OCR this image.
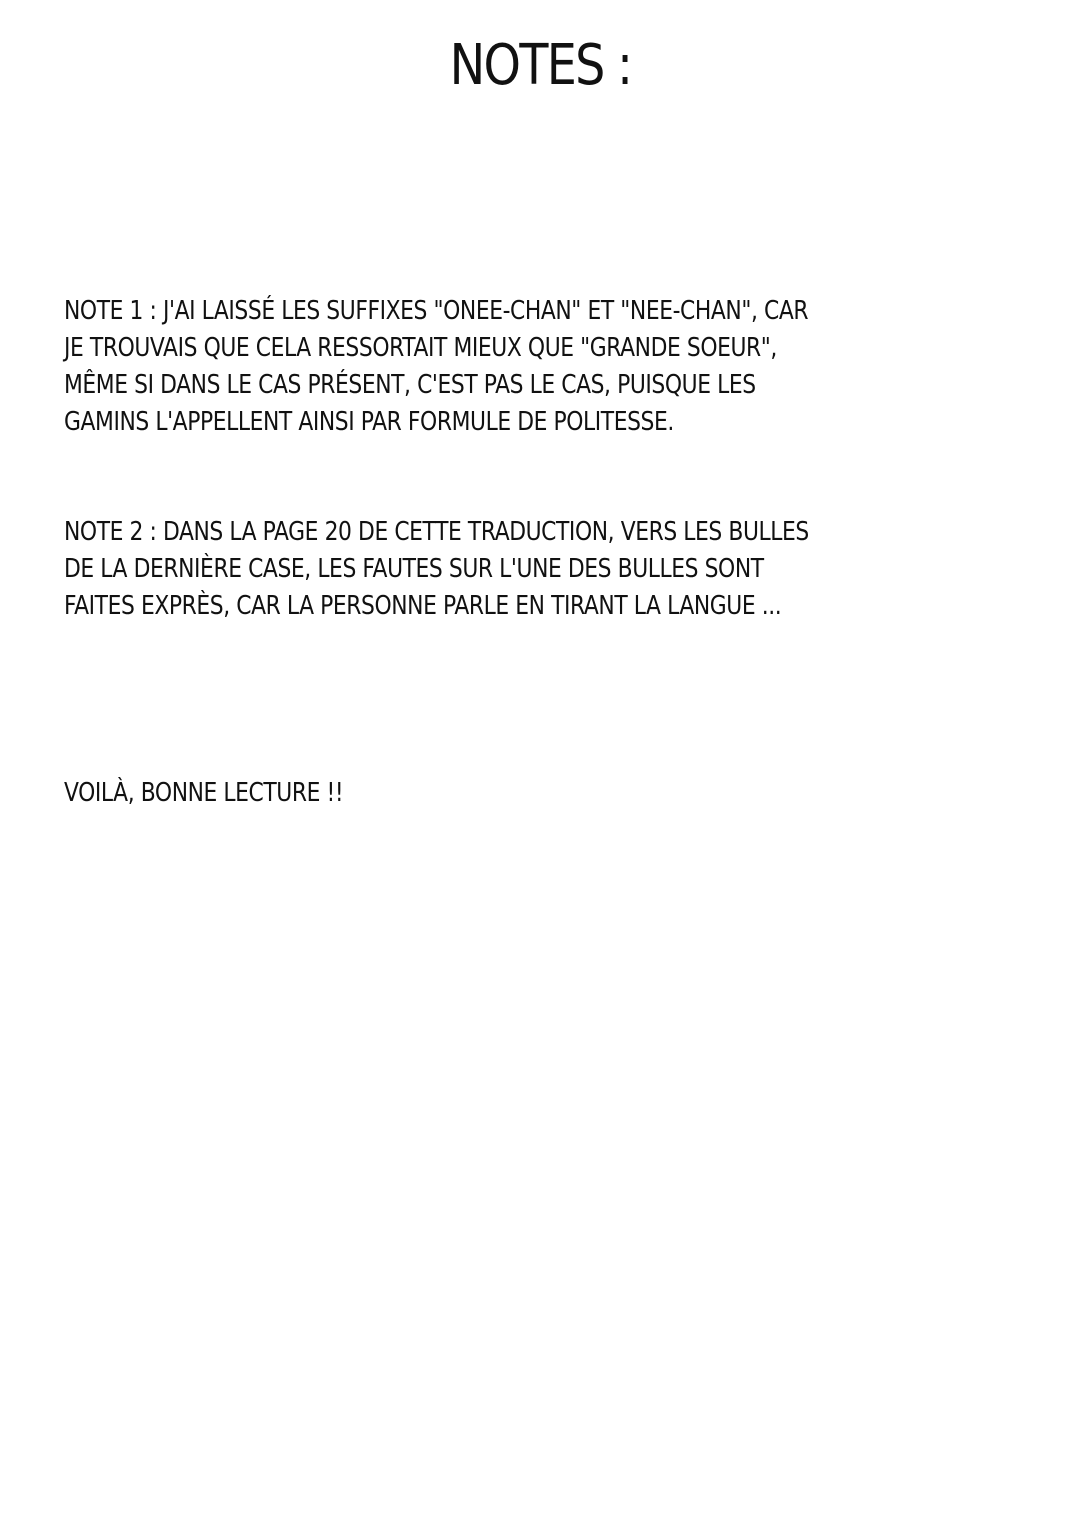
NOTES :

NOTE 1 : J'AI LAISSÉ LES SUFFIXES "ONEE-CHAN" ET "NEE-CHAN", CAR
JE TROUVAIS QUE CELA RESSORTAIT MIEUX QUE "GRANDE SOEUR",
MÊME SI DANS LE CAS PRÉSENT, C'EST PAS LE CAS, PUISQUE LES
GAMINS L'APPELLENT AINSI PAR FORMULE DE POLITESSE.

NOTE 2 : DANS LA PAGE 20 DE CETTE TRADUCTION, VERS LES BULLES
DE LA DERNIÈRE CASE, LES FAUTES SUR L'UNE DES BULLES SONT
FAITES EXPRÈS, CAR LA PERSONNE PARLE EN TIRANT LA LANGUE ...

VOILÀ, BONNE LECTURE !!
